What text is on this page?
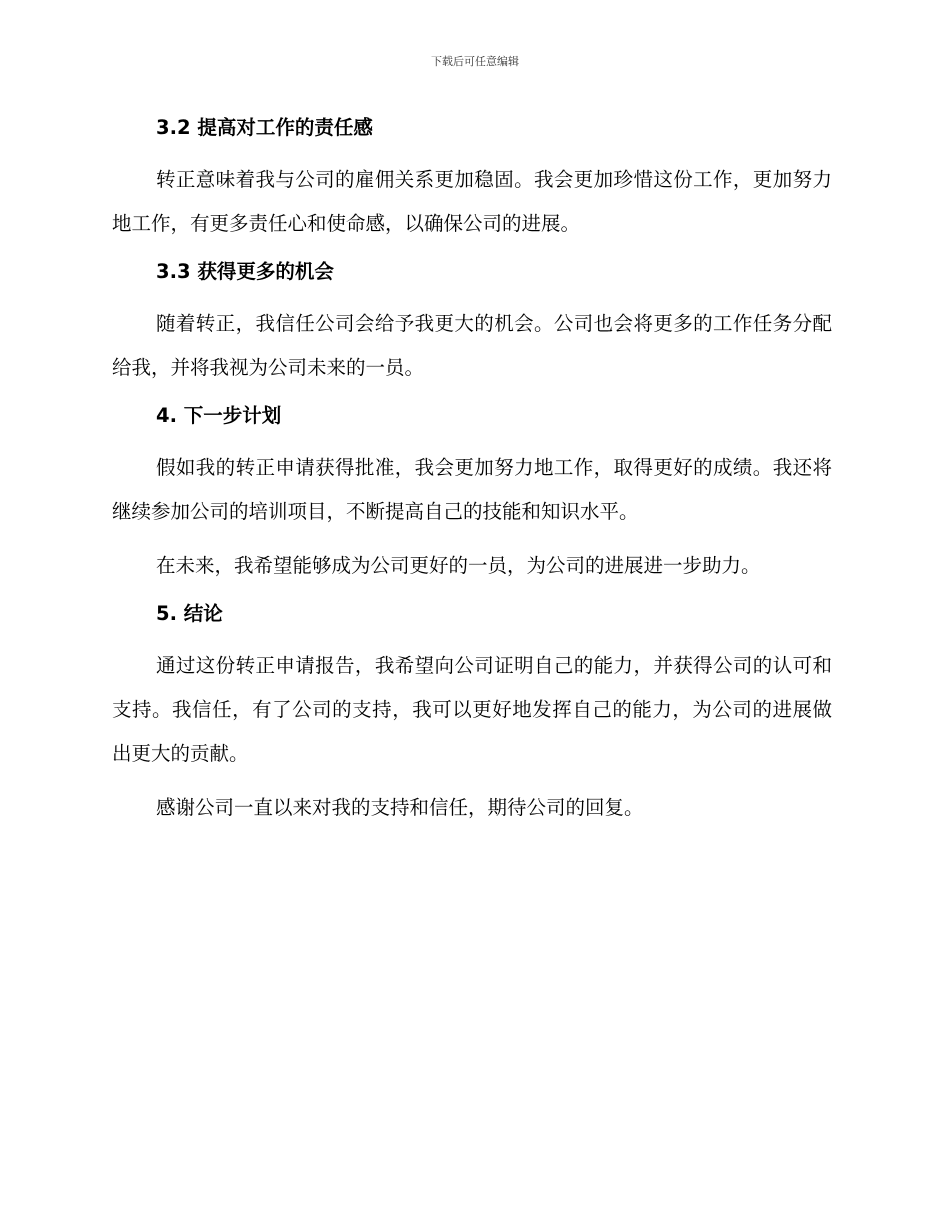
下载后可任意编辑
3.2 提高对工作的责任感

转正意味着我与公司的雇佣关系更加稳固。我会更加珍惜这份工作，更加努力地工作，有更多责任心和使命感，以确保公司的进展。

3.3 获得更多的机会

随着转正，我信任公司会给予我更大的机会。公司也会将更多的工作任务分配给我，并将我视为公司未来的一员。

4. 下一步计划

假如我的转正申请获得批准，我会更加努力地工作，取得更好的成绩。我还将继续参加公司的培训项目，不断提高自己的技能和知识水平。

在未来，我希望能够成为公司更好的一员，为公司的进展进一步助力。

5. 结论

通过这份转正申请报告，我希望向公司证明自己的能力，并获得公司的认可和支持。我信任，有了公司的支持，我可以更好地发挥自己的能力，为公司的进展做出更大的贡献。

感谢公司一直以来对我的支持和信任，期待公司的回复。
